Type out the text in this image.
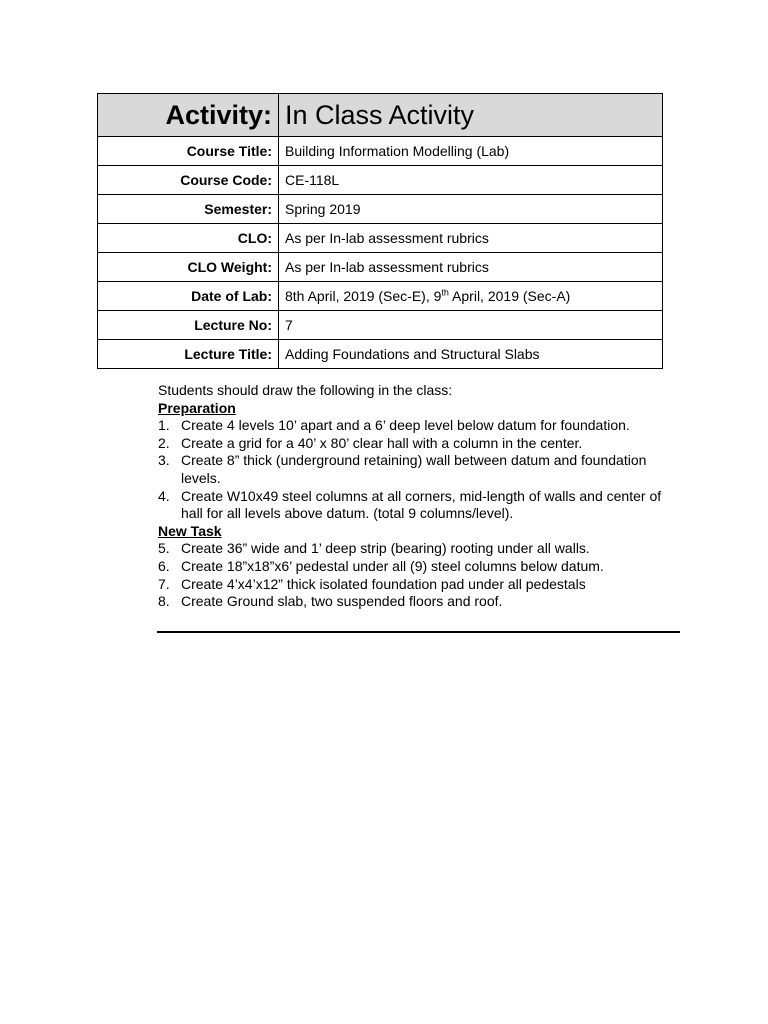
Activity:	In Class Activity
Course Title:	Building Information Modelling (Lab)
Course Code:	CE-118L
Semester:	Spring 2019
CLO:	As per In-lab assessment rubrics
CLO Weight:	As per In-lab assessment rubrics
Date of Lab:	8th April, 2019 (Sec-E), 9th April, 2019 (Sec-A)
Lecture No:	7
Lecture Title:	Adding Foundations and Structural Slabs
Students should draw the following in the class:
Preparation
1. Create 4 levels 10’ apart and a 6’ deep level below datum for foundation.
2. Create a grid for a 40’ x 80’ clear hall with a column in the center.
3. Create 8” thick (underground retaining) wall between datum and foundation levels.
4. Create W10x49 steel columns at all corners, mid-length of walls and center of hall for all levels above datum. (total 9 columns/level).
New Task
5. Create 36” wide and 1’ deep strip (bearing) rooting under all walls.
6. Create 18”x18”x6’ pedestal under all (9) steel columns below datum.
7. Create 4’x4’x12” thick isolated foundation pad under all pedestals
8. Create Ground slab, two suspended floors and roof.
